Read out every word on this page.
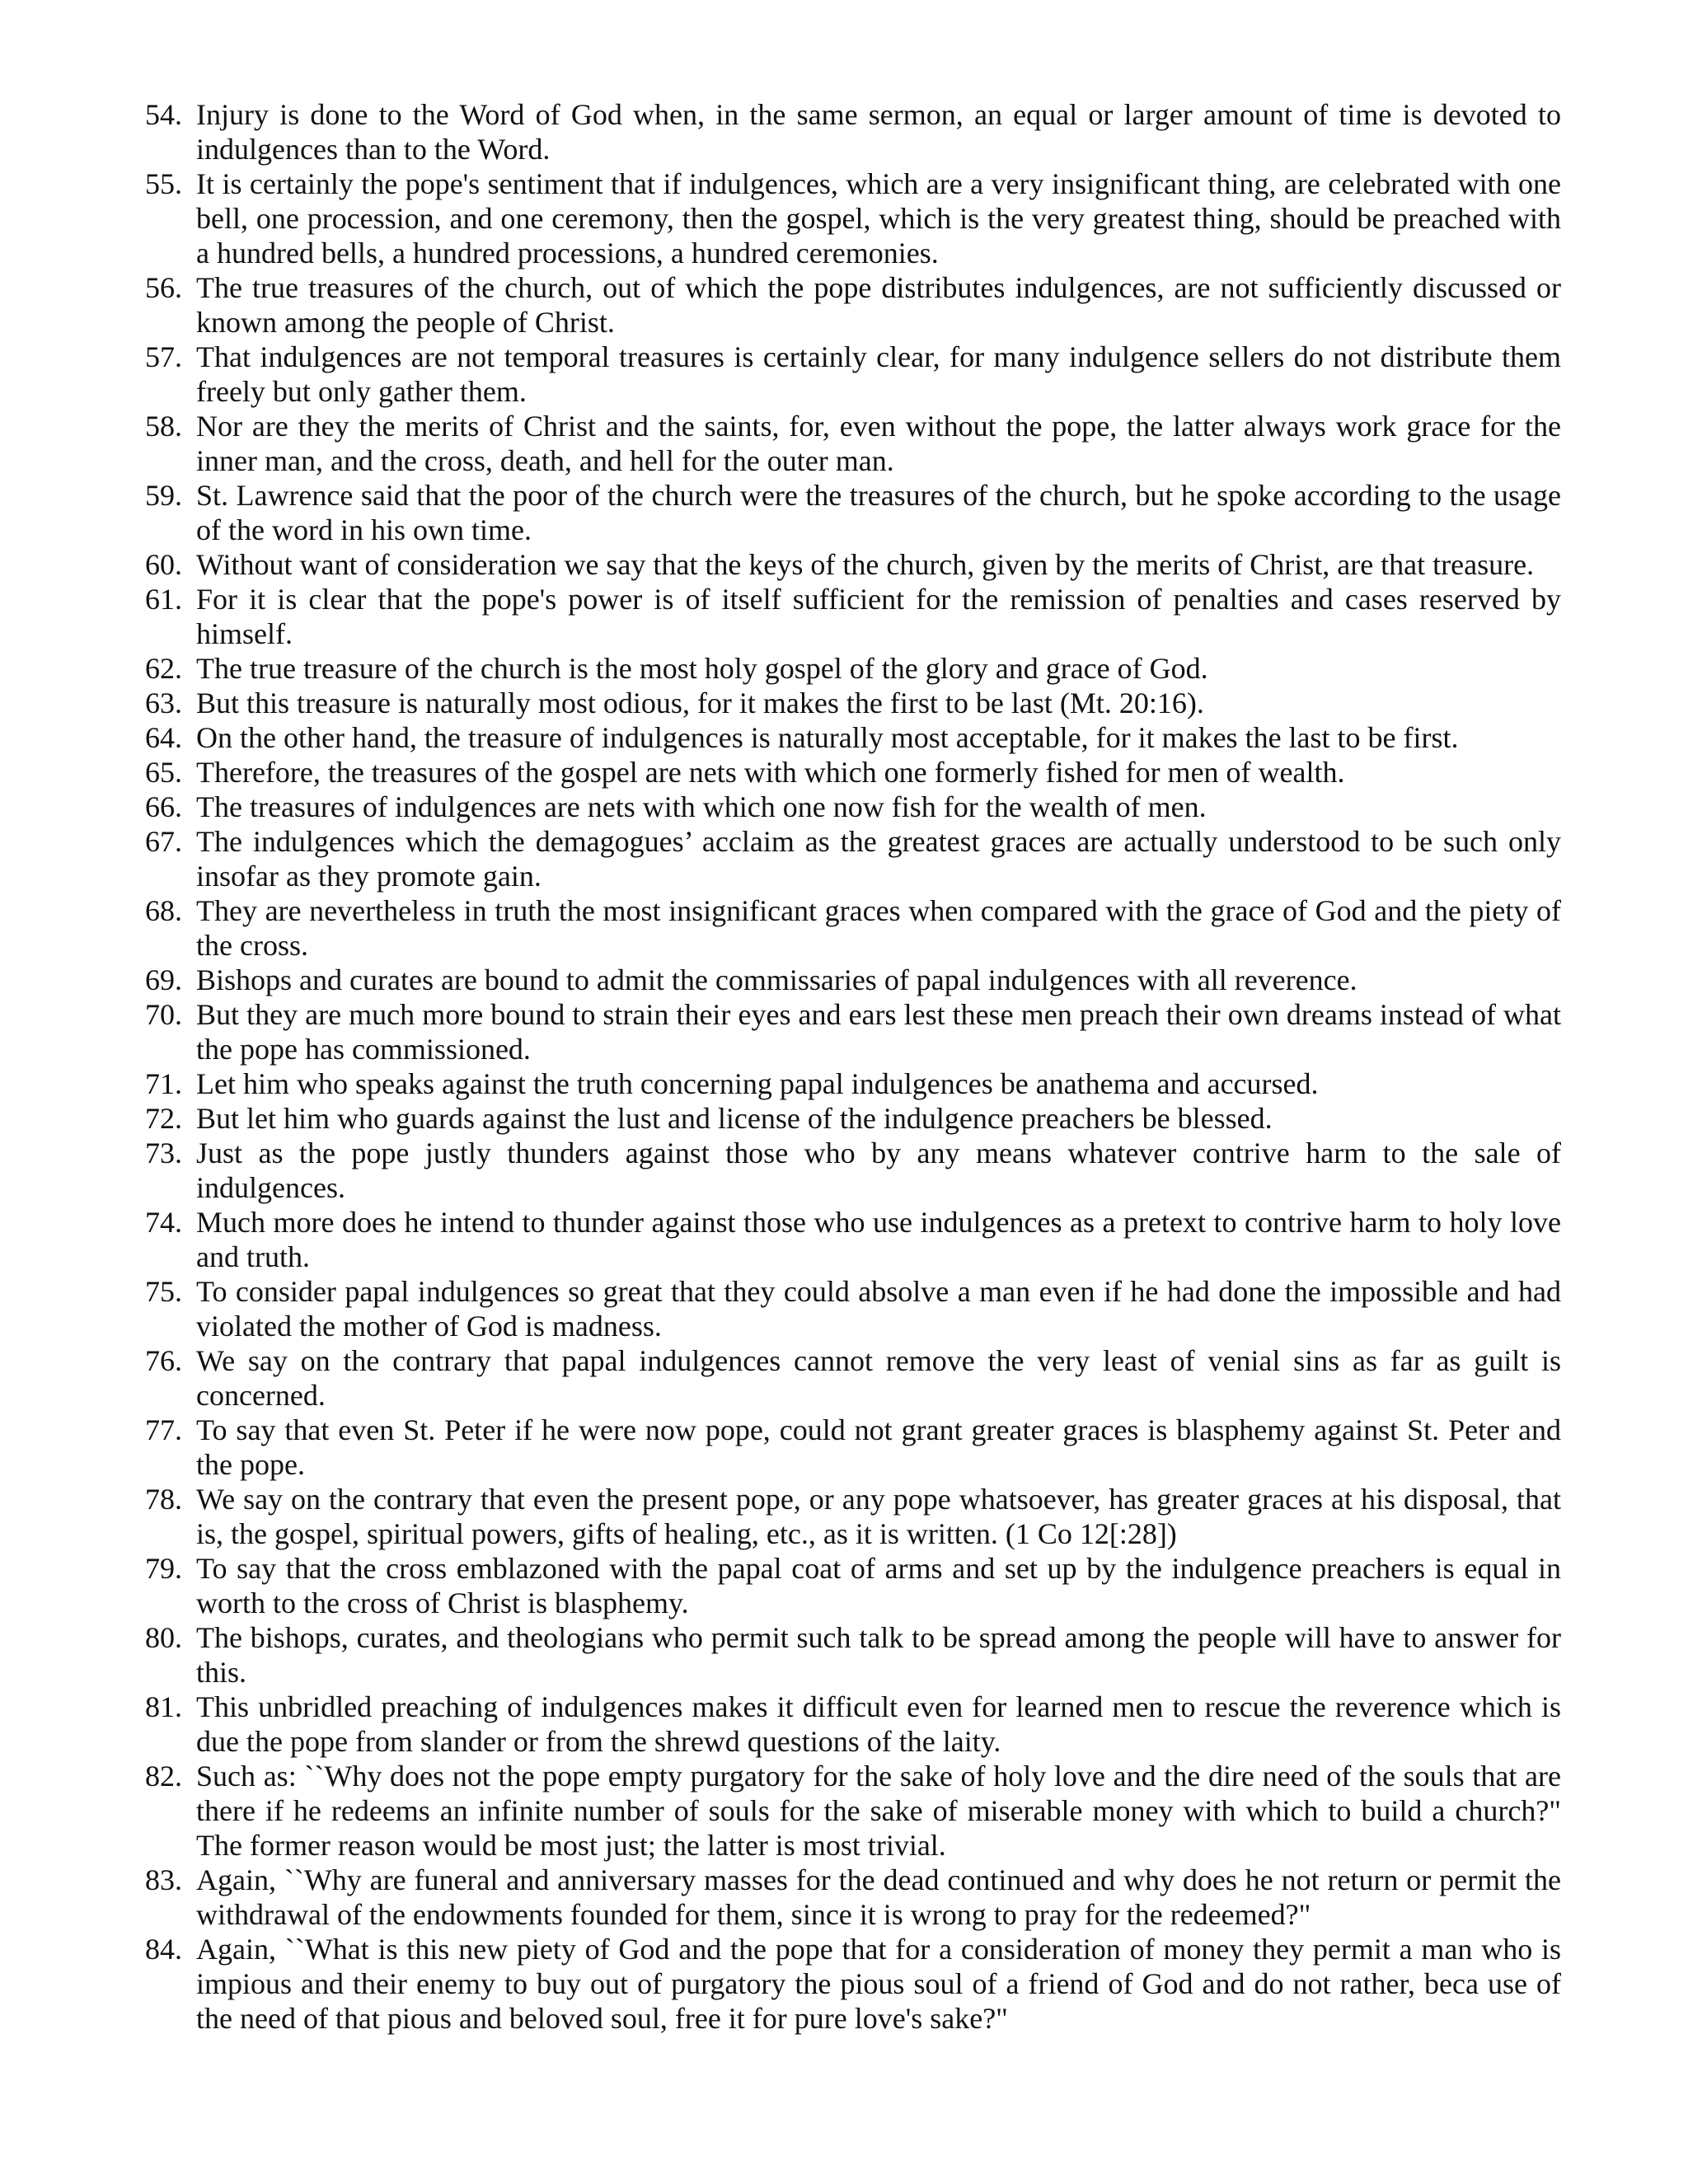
54. Injury is done to the Word of God when, in the same sermon, an equal or larger amount of time is devoted to indulgences than to the Word.
55. It is certainly the pope's sentiment that if indulgences, which are a very insignificant thing, are celebrated with one bell, one procession, and one ceremony, then the gospel, which is the very greatest thing, should be preached with a hundred bells, a hundred processions, a hundred ceremonies.
56. The true treasures of the church, out of which the pope distributes indulgences, are not sufficiently discussed or known among the people of Christ.
57. That indulgences are not temporal treasures is certainly clear, for many indulgence sellers do not distribute them freely but only gather them.
58. Nor are they the merits of Christ and the saints, for, even without the pope, the latter always work grace for the inner man, and the cross, death, and hell for the outer man.
59. St. Lawrence said that the poor of the church were the treasures of the church, but he spoke according to the usage of the word in his own time.
60. Without want of consideration we say that the keys of the church, given by the merits of Christ, are that treasure.
61. For it is clear that the pope's power is of itself sufficient for the remission of penalties and cases reserved by himself.
62. The true treasure of the church is the most holy gospel of the glory and grace of God.
63. But this treasure is naturally most odious, for it makes the first to be last (Mt. 20:16).
64. On the other hand, the treasure of indulgences is naturally most acceptable, for it makes the last to be first.
65. Therefore, the treasures of the gospel are nets with which one formerly fished for men of wealth.
66. The treasures of indulgences are nets with which one now fish for the wealth of men.
67. The indulgences which the demagogues’ acclaim as the greatest graces are actually understood to be such only insofar as they promote gain.
68. They are nevertheless in truth the most insignificant graces when compared with the grace of God and the piety of the cross.
69. Bishops and curates are bound to admit the commissaries of papal indulgences with all reverence.
70. But they are much more bound to strain their eyes and ears lest these men preach their own dreams instead of what the pope has commissioned.
71. Let him who speaks against the truth concerning papal indulgences be anathema and accursed.
72. But let him who guards against the lust and license of the indulgence preachers be blessed.
73. Just as the pope justly thunders against those who by any means whatever contrive harm to the sale of indulgences.
74. Much more does he intend to thunder against those who use indulgences as a pretext to contrive harm to holy love and truth.
75. To consider papal indulgences so great that they could absolve a man even if he had done the impossible and had violated the mother of God is madness.
76. We say on the contrary that papal indulgences cannot remove the very least of venial sins as far as guilt is concerned.
77. To say that even St. Peter if he were now pope, could not grant greater graces is blasphemy against St. Peter and the pope.
78. We say on the contrary that even the present pope, or any pope whatsoever, has greater graces at his disposal, that is, the gospel, spiritual powers, gifts of healing, etc., as it is written. (1 Co 12[:28])
79. To say that the cross emblazoned with the papal coat of arms and set up by the indulgence preachers is equal in worth to the cross of Christ is blasphemy.
80. The bishops, curates, and theologians who permit such talk to be spread among the people will have to answer for this.
81. This unbridled preaching of indulgences makes it difficult even for learned men to rescue the reverence which is due the pope from slander or from the shrewd questions of the laity.
82. Such as: ``Why does not the pope empty purgatory for the sake of holy love and the dire need of the souls that are there if he redeems an infinite number of souls for the sake of miserable money with which to build a church?" The former reason would be most just; the latter is most trivial.
83. Again, ``Why are funeral and anniversary masses for the dead continued and why does he not return or permit the withdrawal of the endowments founded for them, since it is wrong to pray for the redeemed?"
84. Again, ``What is this new piety of God and the pope that for a consideration of money they permit a man who is impious and their enemy to buy out of purgatory the pious soul of a friend of God and do not rather, beca use of the need of that pious and beloved soul, free it for pure love's sake?"
